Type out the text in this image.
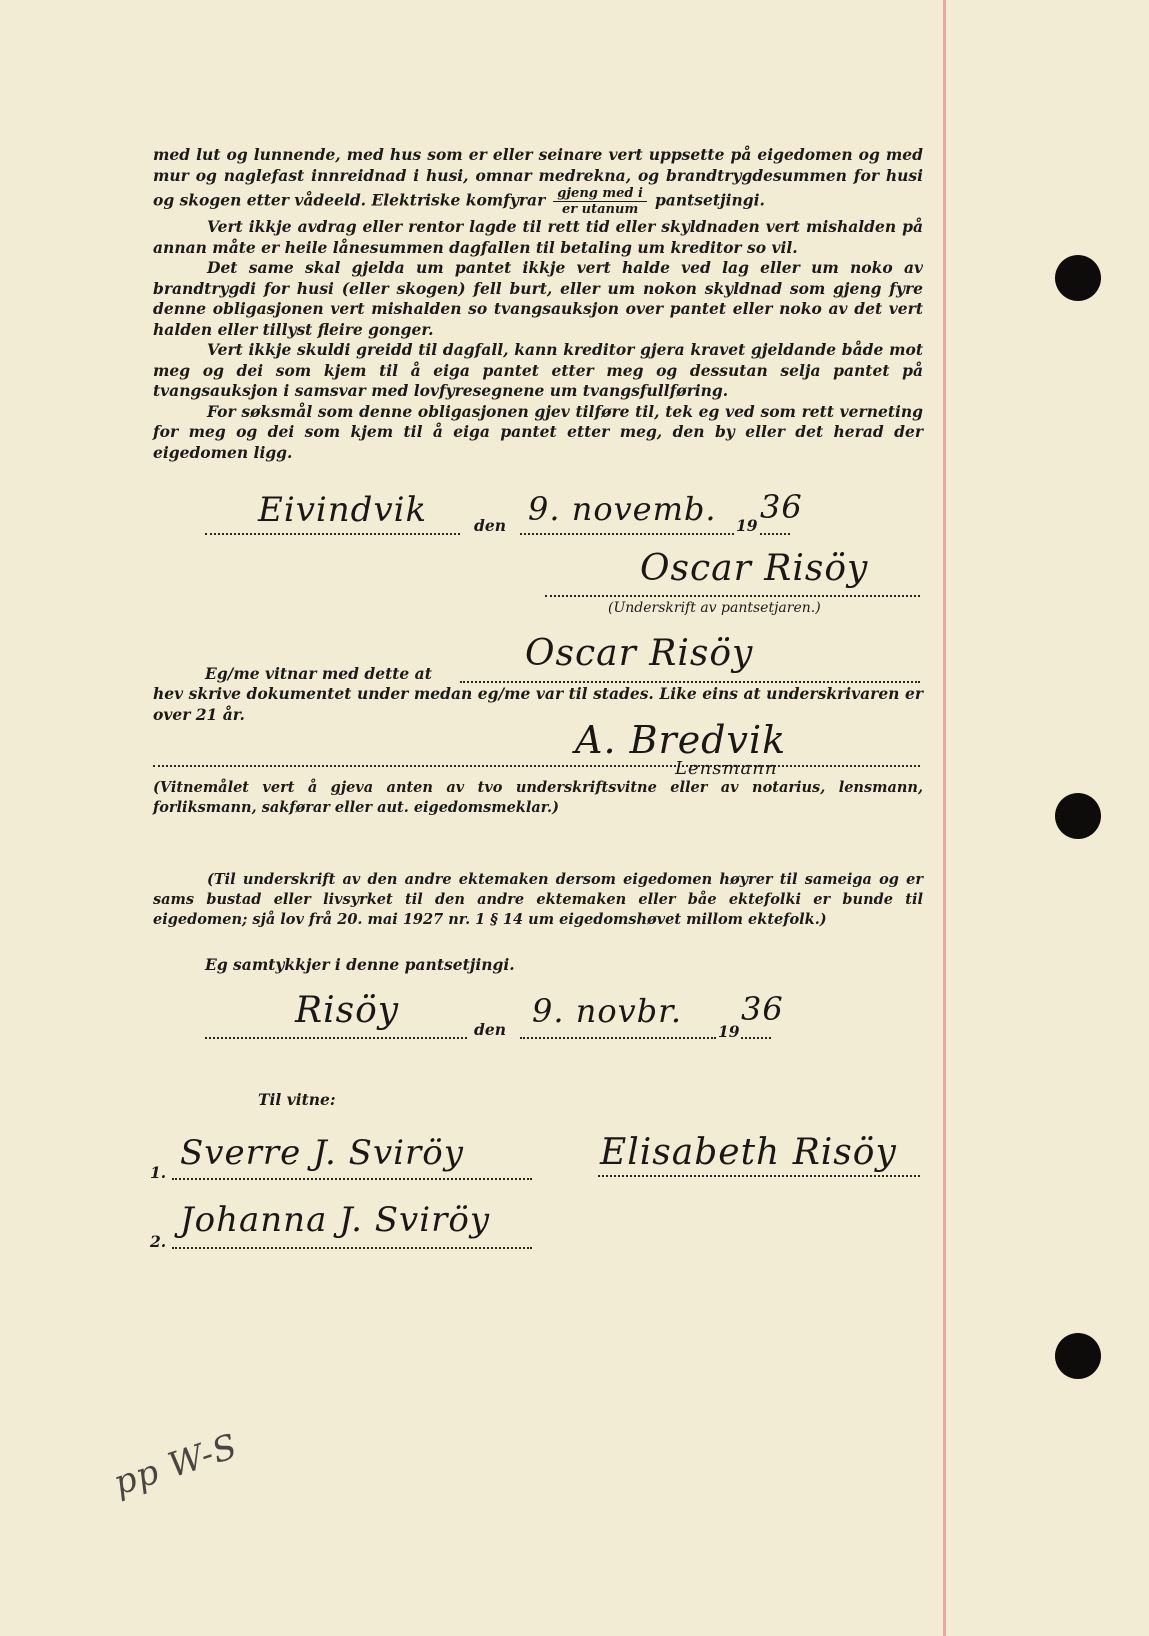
med lut og lunnende, med hus som er eller seinare vert uppsette på eigedomen og med mur og naglefast innreidnad i husi, omnar medrekna, og brandtrygdesummen for husi og skogen etter vådeeld. Elektriske komfyrar $\frac{\text{gjeng med i}}{\text{er utanum}}$ pantsetjingi.

Vert ikkje avdrag eller rentor lagde til rett tid eller skyldnaden vert mishalden på annan måte er heile lånesummen dagfallen til betaling um kreditor so vil.

Det same skal gjelda um pantet ikkje vert halde ved lag eller um noko av brandtrygdi for husi (eller skogen) fell burt, eller um nokon skyldnad som gjeng fyre denne obligasjonen vert mishalden so tvangsauksjon over pantet eller noko av det vert halden eller tillyst fleire gonger.

Vert ikkje skuldi greidd til dagfall, kann kreditor gjera kravet gjeldande både mot meg og dei som kjem til å eiga pantet etter meg og dessutan selja pantet på tvangsauksjon i samsvar med lovfyresegnene um tvangsfullføring.

For søksmål som denne obligasjonen gjev tilføre til, tek eg ved som rett verneting for meg og dei som kjem til å eiga pantet etter meg, den by eller det herad der eigedomen ligg.

Eivindvik	den 9. novemb. 19 36
Oscar Risöy
(Underskrift av pantsetjaren.)
Eg/me vitnar med dette at	Oscar Risöy

hev skrive dokumentet under medan eg/me var til stades. Like eins at underskrivaren er over 21 år.

A. Bredvik
Lensmann

(Vitnemålet vert å gjeva anten av tvo underskriftsvitne eller av notarius, lensmann, forliksmann, sakførar eller aut. eigedomsmeklar.)

(Til underskrift av den andre ektemaken dersom eigedomen høyrer til sameiga og er sams bustad eller livsyrket til den andre ektemaken eller båe ektefolki er bunde til eigedomen; sjå lov frå 20. mai 1927 nr. 1 § 14 um eigedomshøvet millom ektefolk.)

Eg samtykkjer i denne pantsetjingi.
Risöy	den 9. novbr.
19
36
Til vitne:
1. Sverre J. Sviröy
2.
Johanna J. Sviröy
Elisabeth Risöy
pp W-S
